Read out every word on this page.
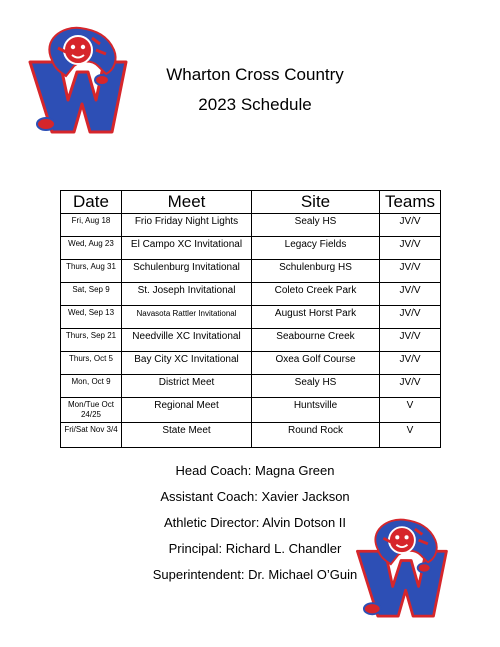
Wharton Cross Country
2023 Schedule
Date	Meet	Site	Teams
Fri, Aug 18	Frio Friday Night Lights	Sealy HS	JV/V
Wed, Aug 23	El Campo XC Invitational	Legacy Fields	JV/V
Thurs, Aug 31	Schulenburg Invitational	Schulenburg HS	JV/V
Sat, Sep 9	St. Joseph Invitational	Coleto Creek Park	JV/V
Wed, Sep 13	Navasota Rattler Invitational	August Horst Park	JV/V
Thurs, Sep 21	Needville XC Invitational	Seabourne Creek	JV/V
Thurs, Oct 5	Bay City XC Invitational	Oxea Golf Course	JV/V
Mon, Oct 9	District Meet	Sealy HS	JV/V
Mon/Tue Oct 24/25	Regional Meet	Huntsville	V
Fri/Sat Nov 3/4	State Meet	Round Rock	V
Head Coach: Magna Green
Assistant Coach: Xavier Jackson
Athletic Director: Alvin Dotson II
Principal: Richard L. Chandler
Superintendent: Dr. Michael O’Guin
